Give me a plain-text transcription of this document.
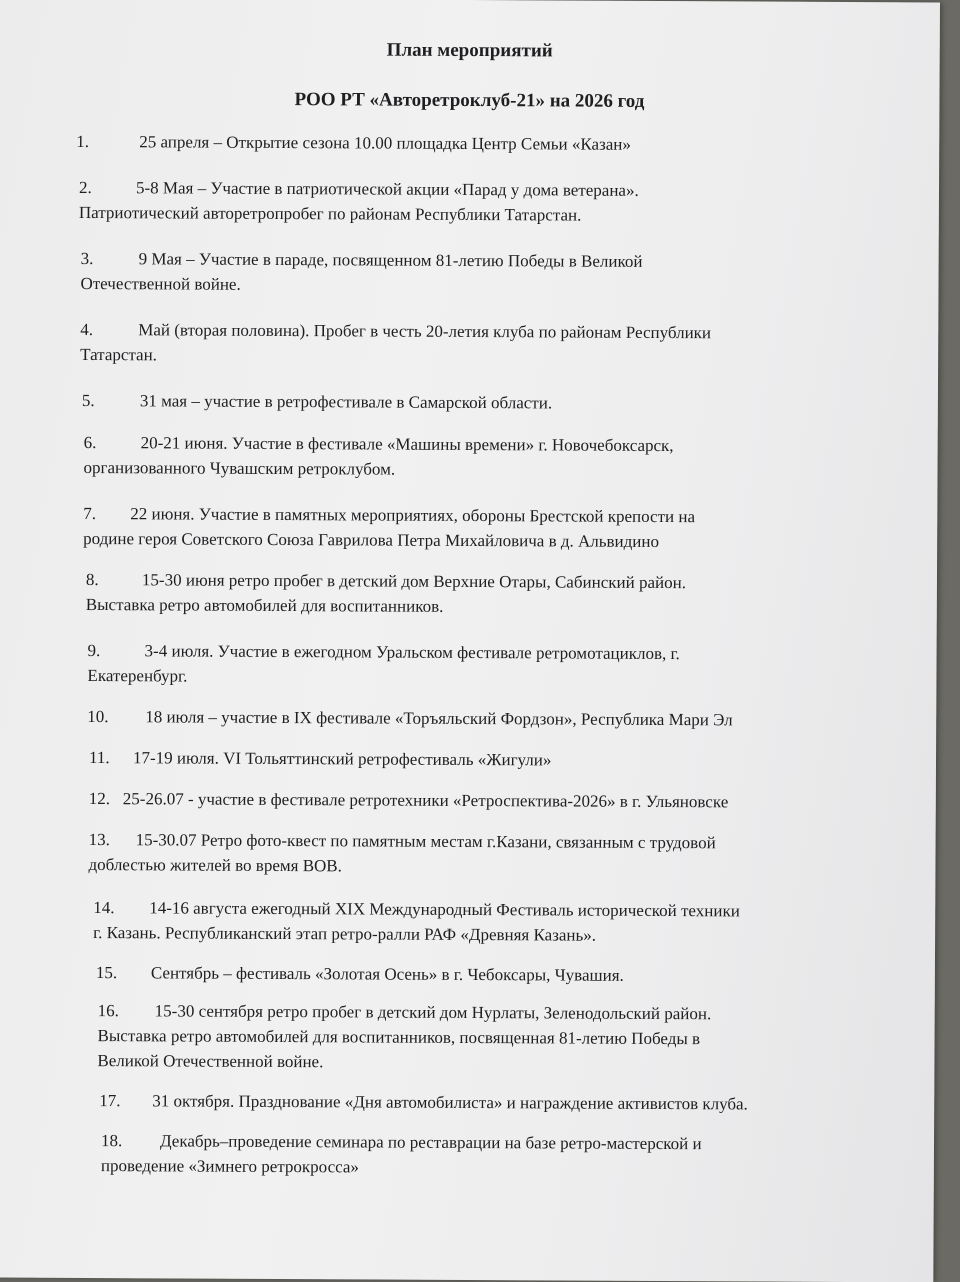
План мероприятий
РОО РТ «Автоpетроклуб-21» на 2026 год
25 апреля – Открытие сезона 10.00 площадка Центр Семьи «Казан»
1.
5-8 Мая – Участие в патриотической акции «Парад у дома ветерана».
Патриотический авторетропробег по районам Республики Татарстан.
2.
9 Мая – Участие в параде, посвященном 81-летию Победы в Великой
Отечественной войне.
3.
Май (вторая половина). Пробег в честь 20-летия клуба по районам Республики
Татарстан.
4.
31 мая – участие в ретрофестивале в Самарской области.
5.
20-21 июня. Участие в фестивале «Машины времени» г. Новочебоксарск,
организованного Чувашским ретроклубом.
6.
22 июня. Участие в памятных мероприятиях, обороны Брестской крепости на
родине героя Советского Союза Гаврилова Петра Михайловича в д. Альвидино
7.
15-30 июня ретро пробег в детский дом Верхние Отары, Сабинский район.
Выставка ретро автомобилей для воспитанников.
8.
3-4 июля. Участие в ежегодном Уральском фестивале ретромотациклов, г.
Екатеренбург.
9.
18 июля – участие в IX фестивале «Торъяльский Фордзон», Республика Мари Эл
10.
17-19 июля. VI Тольяттинский ретрофестиваль «Жигули»
11.
25-26.07 - участие в фестивале ретротехники «Ретроспектива-2026» в г. Ульяновске
12.
15-30.07 Ретро фото-квест по памятным местам г.Казани, связанным с трудовой
доблестью жителей во время ВОВ.
13.
14-16 августа ежегодный XIX Международный Фестиваль исторической техники
г. Казань. Республиканский этап ретро-ралли РАФ «Древняя Казань».
14.
Сентябрь – фестиваль «Золотая Осень» в г. Чебоксары, Чувашия.
15.
15-30 сентября ретро пробег в детский дом Нурлаты, Зеленодольский район.
Выставка ретро автомобилей для воспитанников, посвященная 81-летию Победы в
Великой Отечественной войне.
16.
31 октября. Празднование «Дня автомобилиста» и награждение активистов клуба.
17.
Декабрь–проведение семинара по реставрации на базе ретро-мастерской и
проведение «Зимнего ретрокросса»
18.
